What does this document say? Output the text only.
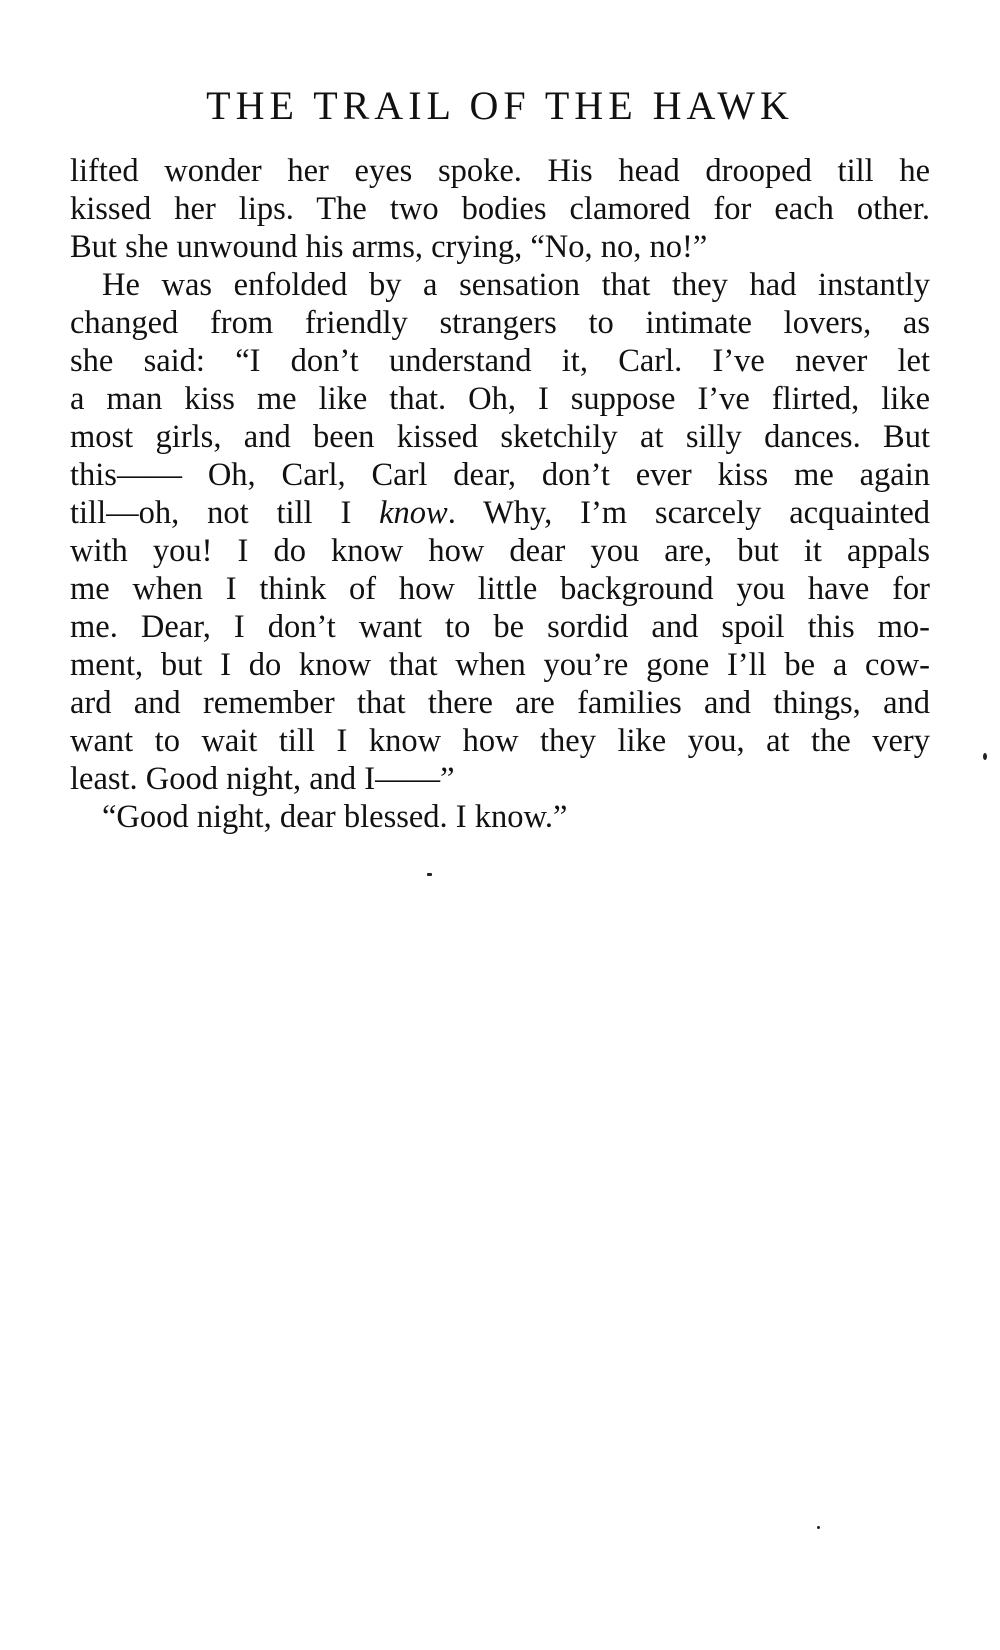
THE TRAIL OF THE HAWK
lifted wonder her eyes spoke. His head drooped till he
kissed her lips. The two bodies clamored for each other.
But she unwound his arms, crying, “No, no, no!”
He was enfolded by a sensation that they had instantly
changed from friendly strangers to intimate lovers, as
she said: “I don’t understand it, Carl. I’ve never let
a man kiss me like that. Oh, I suppose I’ve flirted, like
most girls, and been kissed sketchily at silly dances. But
this—— Oh, Carl, Carl dear, don’t ever kiss me again
till—oh, not till I know. Why, I’m scarcely acquainted
with you! I do know how dear you are, but it appals
me when I think of how little background you have for
me. Dear, I don’t want to be sordid and spoil this mo-
ment, but I do know that when you’re gone I’ll be a cow-
ard and remember that there are families and things, and
want to wait till I know how they like you, at the very
least. Good night, and I——”
“Good night, dear blessed. I know.”
